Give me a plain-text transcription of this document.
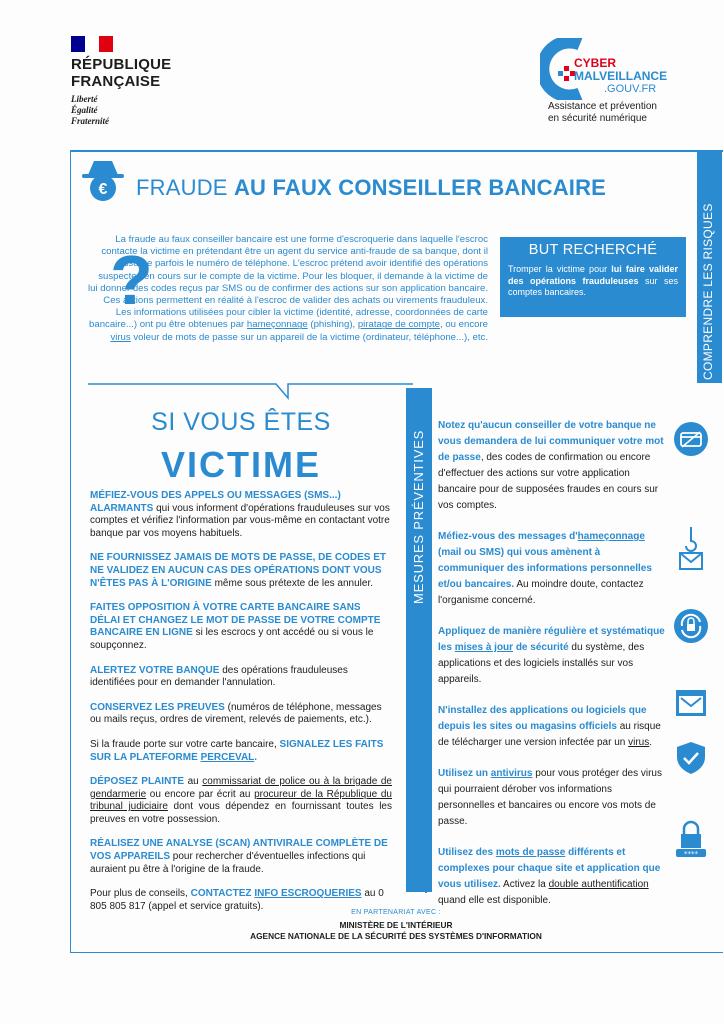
RÉPUBLIQUE
FRANÇAISE
Liberté
Égalité
Fraternité
CYBER
MALVEILLANCE
.GOUV.FR
Assistance et prévention
en sécurité numérique
COMPRENDRE LES RISQUES
€ FRAUDE AU FAUX CONSEILLER BANCAIRE
?
La fraude au faux conseiller bancaire est une forme d'escroquerie dans laquelle l'escroc contacte la victime en prétendant être un agent du service anti-fraude de sa banque, dont il usurpe parfois le numéro de téléphone. L'escroc prétend avoir identifié des opérations suspectes en cours sur le compte de la victime. Pour les bloquer, il demande à la victime de lui donner des codes reçus par SMS ou de confirmer des actions sur son application bancaire. Ces actions permettent en réalité à l'escroc de valider des achats ou virements frauduleux. Les informations utilisées pour cibler la victime (identité, adresse, coordonnées de carte bancaire...) ont pu être obtenues par hameçonnage (phishing), piratage de compte, ou encore virus voleur de mots de passe sur un appareil de la victime (ordinateur, téléphone...), etc.
BUT RECHERCHÉ

Tromper la victime pour lui faire valider des opérations frauduleuses sur ses comptes bancaires.

SI VOUS ÊTES
VICTIME

MÉFIEZ-VOUS DES APPELS OU MESSAGES (SMS...) ALARMANTS qui vous informent d'opérations frauduleuses sur vos comptes et vérifiez l'information par vous-même en contactant votre banque par vos moyens habituels.

NE FOURNISSEZ JAMAIS DE MOTS DE PASSE, DE CODES ET NE VALIDEZ EN AUCUN CAS DES OPÉRATIONS DONT VOUS N'ÊTES PAS À L'ORIGINE même sous prétexte de les annuler.

FAITES OPPOSITION À VOTRE CARTE BANCAIRE SANS DÉLAI ET CHANGEZ LE MOT DE PASSE DE VOTRE COMPTE BANCAIRE EN LIGNE si les escrocs y ont accédé ou si vous le soupçonnez.

ALERTEZ VOTRE BANQUE des opérations frauduleuses identifiées pour en demander l'annulation.

CONSERVEZ LES PREUVES (numéros de téléphone, messages ou mails reçus, ordres de virement, relevés de paiements, etc.).

Si la fraude porte sur votre carte bancaire, SIGNALEZ LES FAITS SUR LA PLATEFORME PERCEVAL.

DÉPOSEZ PLAINTE au commissariat de police ou à la brigade de gendarmerie ou encore par écrit au procureur de la République du tribunal judiciaire dont vous dépendez en fournissant toutes les preuves en votre possession.

RÉALISEZ UNE ANALYSE (SCAN) ANTIVIRALE COMPLÈTE DE VOS APPAREILS pour rechercher d'éventuelles infections qui auraient pu être à l'origine de la fraude.

Pour plus de conseils, CONTACTEZ INFO ESCROQUERIES au 0 805 805 817 (appel et service gratuits).

MESURES PRÉVENTIVES

Notez qu'aucun conseiller de votre banque ne vous demandera de lui communiquer votre mot de passe, des codes de confirmation ou encore d'effectuer des actions sur votre application bancaire pour de supposées fraudes en cours sur vos comptes.

Méfiez-vous des messages d'hameçonnage (mail ou SMS) qui vous amènent à communiquer des informations personnelles et/ou bancaires. Au moindre doute, contactez l'organisme concerné.

Appliquez de manière régulière et systématique les mises à jour de sécurité du système, des applications et des logiciels installés sur vos appareils.

N'installez des applications ou logiciels que depuis les sites ou magasins officiels au risque de télécharger une version infectée par un virus.

Utilisez un antivirus pour vous protéger des virus qui pourraient dérober vos informations personnelles et bancaires ou encore vos mots de passe.

Utilisez des mots de passe différents et complexes pour chaque site et application que vous utilisez. Activez la double authentification quand elle est disponible.

****
EN PARTENARIAT AVEC :
MINISTÈRE DE L'INTÉRIEUR
AGENCE NATIONALE DE LA SÉCURITÉ DES SYSTÈMES D'INFORMATION
